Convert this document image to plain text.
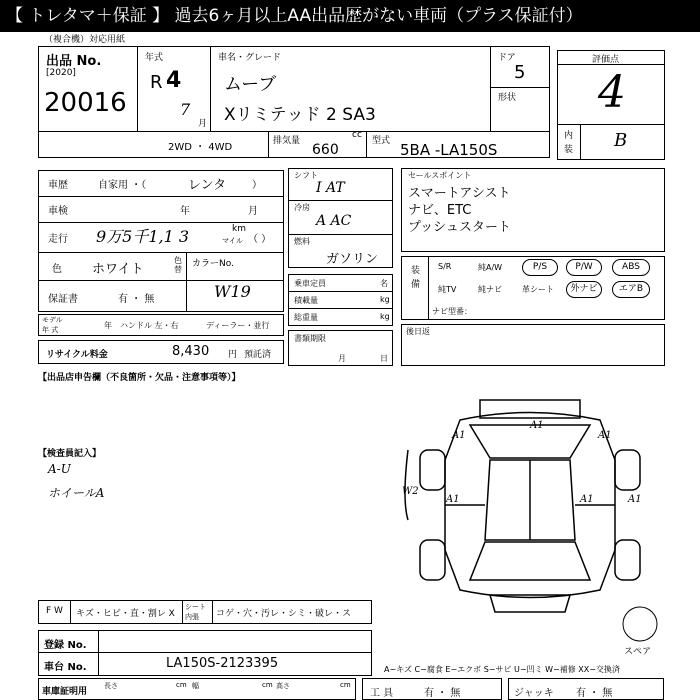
【 トレタマ＋保証 】 過去6ヶ月以上AA出品歴がない車両（プラス保証付）
（複合機）対応用紙
出品 No.
[2020]
20016
年式
R 4
7
月
車名・グレード
ムーブ
Xリミテッド 2 SA3
ドア
5
形状
2WD ・ 4WD
排気量
cc
660
型式 5BA -LA150S
評価点
4
内
装 B
車歴	自家用 ・（	レンタ	）
車検	年	月
走行 9万5千1,1 3	km
マイル （ ）
色 ホワイト
色替
カラーNo.
W19
保証書	有 ・ 無
モデル
年 式	年 ハンドル 左・右	ディーラー・並行
リサイクル料金	8,430 円 預託済
シフト
I AT
冷房
A AC
燃料
ガソリン
乗車定員	名
積載量	kg
総重量	kg
書類期限
月	日
セールスポイント
スマートアシスト
ナビ、ETC
プッシュスタート
装備
S/R	純A/W	P/S	P/W	ABS
純TV	純ナビ	革シート	外ナビ	エアB
ナビ型番：
後日返
【出品店申告欄（不良箇所・欠品・注意事項等）】
【検査員記入】
A-U
ホイールA
A1
A1
A1
A1	A1	A1
W2
スペア
F W キズ・ヒビ・直・割レ X
シート 内張	コゲ・穴・汚レ・シミ・破レ・ス
登録 No.
車台 No.	LA150S-2123395	A−キズ C−腐食 E−エクボ S−サビ U−凹ミ W−補修 XX−交換済
車庫証明用
長さ	cm 幅	cm 高さ	cm
工 具	有 ・ 無	ジャッキ 有 ・ 無
